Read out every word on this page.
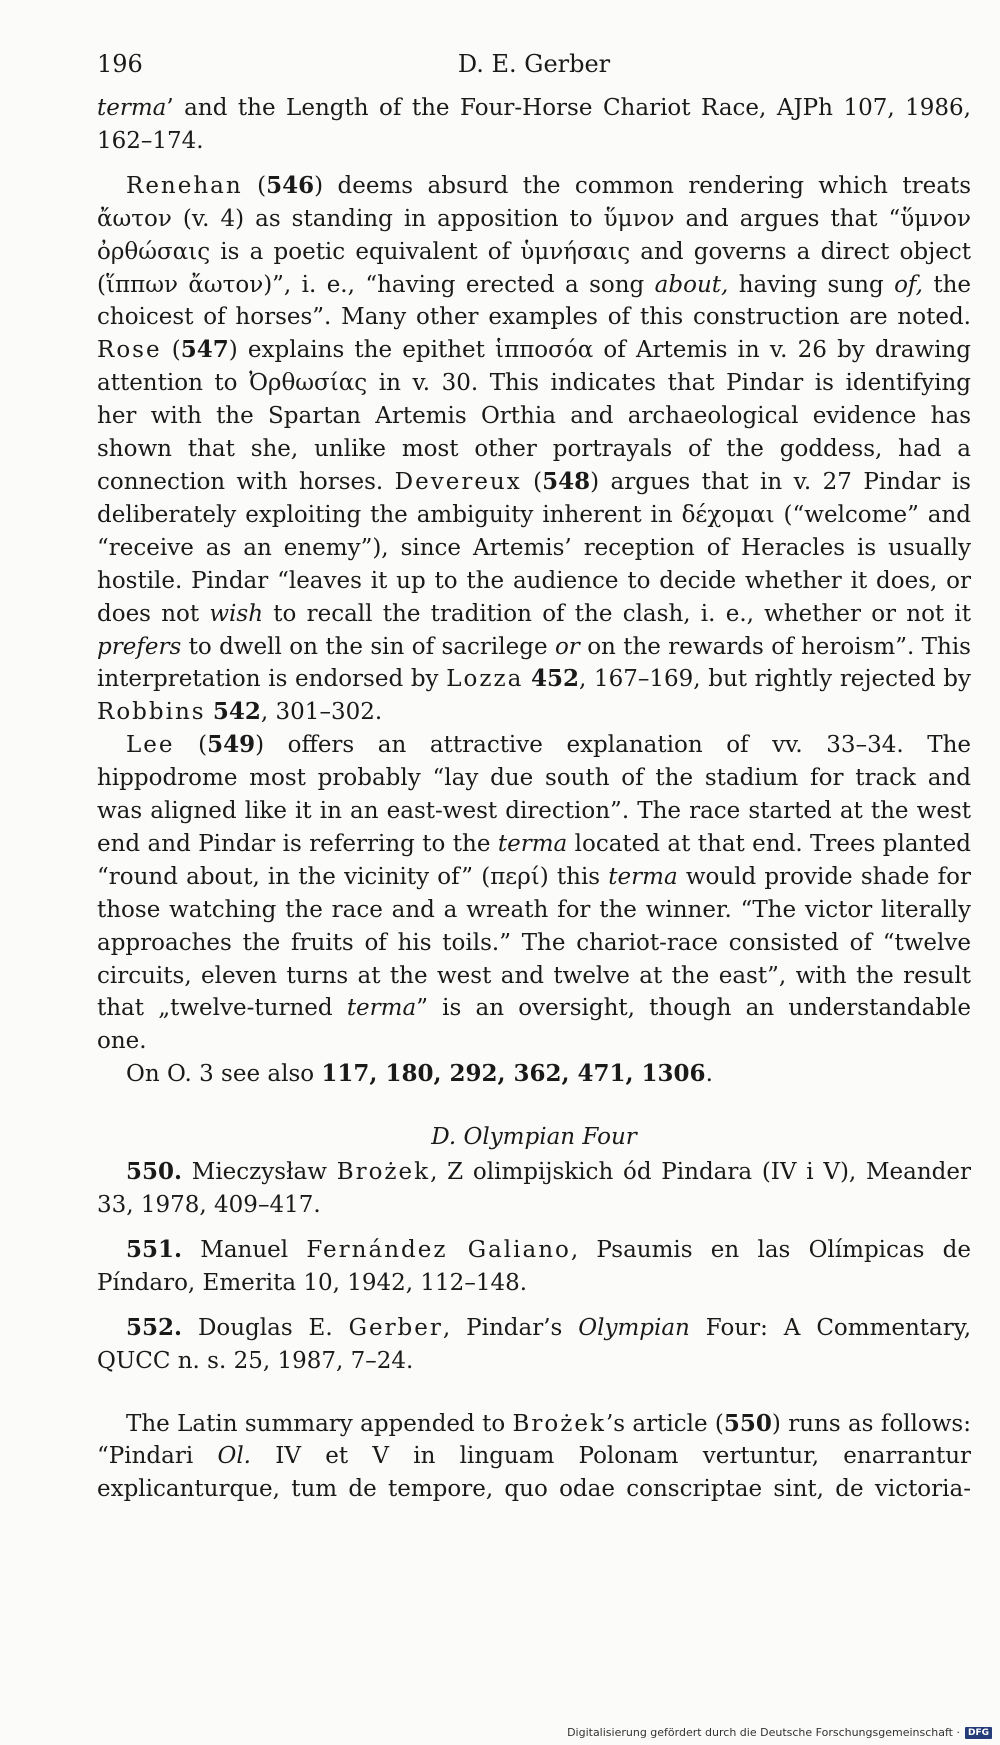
D. E. Gerber
196

terma’ and the Length of the Four-Horse Chariot Race, AJPh 107, 1986,

162–174.

Renehan (546) deems absurd the common rendering which treats ἄωτον (v. 4) as standing in apposition to ὕμνον and argues that “ὕμνον ὀρθώσαις is a poetic equivalent of ὑμνήσαις and governs a direct object (ἵππων ἄωτον)”, i. e., “having erected a song about, having sung of, the choicest of horses”. Many other examples of this construction are noted. Rose (547) explains the epithet ἱπποσόα of Artemis in v. 26 by drawing attention to Ὀρθωσίας in v. 30. This indicates that Pindar is identifying her with the Spartan Artemis Orthia and archaeological evidence has shown that she, unlike most other portrayals of the goddess, had a connection with horses. Devereux (548) argues that in v. 27 Pindar is deliberately exploiting the ambiguity inherent in δέχομαι (“welcome” and “receive as an enemy”), since Artemis’ reception of Heracles is usually hostile. Pindar “leaves it up to the audience to decide whether it does, or does not wish to recall the tradition of the clash, i. e., whether or not it prefers to dwell on the sin of sacrilege or on the rewards of heroism”. This interpretation is endorsed by Lozza 452, 167–169, but rightly rejected by Robbins 542, 301–302.

Lee (549) offers an attractive explanation of vv. 33–34. The hippodrome most probably “lay due south of the stadium for track and was aligned like it in an east-west direction”. The race started at the west end and Pindar is referring to the terma located at that end. Trees planted “round about, in the vicinity of” (περί) this terma would provide shade for those watching the race and a wreath for the winner. “The victor literally approaches the fruits of his toils.” The chariot-race consisted of “twelve circuits, eleven turns at the west and twelve at the east”, with the result that „twelve-turned terma” is an oversight, though an understandable one.

On O. 3 see also 117, 180, 292, 362, 471, 1306.

D. Olympian Four

550. Mieczysław Brożek, Z olimpijskich ód Pindara (IV i V), Meander 33, 1978, 409–417.

551. Manuel Fernández Galiano, Psaumis en las Olímpicas de Píndaro, Emerita 10, 1942, 112–148.

552. Douglas E. Gerber, Pindar’s Olympian Four: A Commentary, QUCC n. s. 25, 1987, 7–24.

The Latin summary appended to Brożek’s article (550) runs as follows: “Pindari Ol. IV et V in linguam Polonam vertuntur, enarrantur explicanturque, tum de tempore, quo odae conscriptae sint, de victoria-

Digitalisierung gefördert durch die Deutsche Forschungsgemeinschaft · DFG
